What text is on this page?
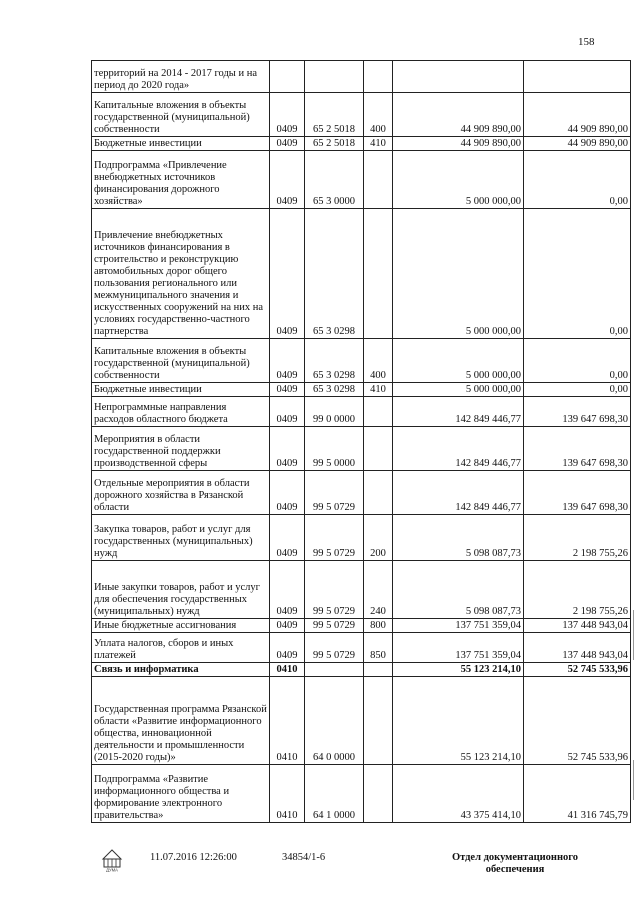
158
территорий на 2014 - 2017 годы и на период до 2020 года»					
Капитальные вложения в объекты государственной (муниципальной) собственности	0409	65 2 5018	400	44 909 890,00	44 909 890,00
Бюджетные инвестиции	0409	65 2 5018	410	44 909 890,00	44 909 890,00
Подпрограмма «Привлечение внебюджетных источников финансирования дорожного хозяйства»	0409	65 3 0000		5 000 000,00	0,00
Привлечение внебюджетных источников финансирования в строительство и реконструкцию автомобильных дорог общего пользования регионального или межмуниципального значения и искусственных сооружений на них на условиях государственно-частного партнерства	0409	65 3 0298		5 000 000,00	0,00
Капитальные вложения в объекты государственной (муниципальной) собственности	0409	65 3 0298	400	5 000 000,00	0,00
Бюджетные инвестиции	0409	65 3 0298	410	5 000 000,00	0,00
Непрограммные направления расходов областного бюджета	0409	99 0 0000		142 849 446,77	139 647 698,30
Мероприятия в области государственной поддержки производственной сферы	0409	99 5 0000		142 849 446,77	139 647 698,30
Отдельные мероприятия в области дорожного хозяйства в Рязанской области	0409	99 5 0729		142 849 446,77	139 647 698,30
Закупка товаров, работ и услуг для государственных (муниципальных) нужд	0409	99 5 0729	200	5 098 087,73	2 198 755,26
Иные закупки товаров, работ и услуг для обеспечения государственных (муниципальных) нужд	0409	99 5 0729	240	5 098 087,73	2 198 755,26
Иные бюджетные ассигнования	0409	99 5 0729	800	137 751 359,04	137 448 943,04
Уплата налогов, сборов и иных платежей	0409	99 5 0729	850	137 751 359,04	137 448 943,04
Связь и информатика	0410			55 123 214,10	52 745 533,96
Государственная программа Рязанской области «Развитие информационного общества, инновационной деятельности и промышленности (2015-2020 годы)»	0410	64 0 0000		55 123 214,10	52 745 533,96
Подпрограмма «Развитие информационного общества и формирование электронного правительства»	0410	64 1 0000		43 375 414,10	41 316 745,79
ДУМА
11.07.2016 12:26:00	34854/1-6	Отдел документационного
обеспечения
